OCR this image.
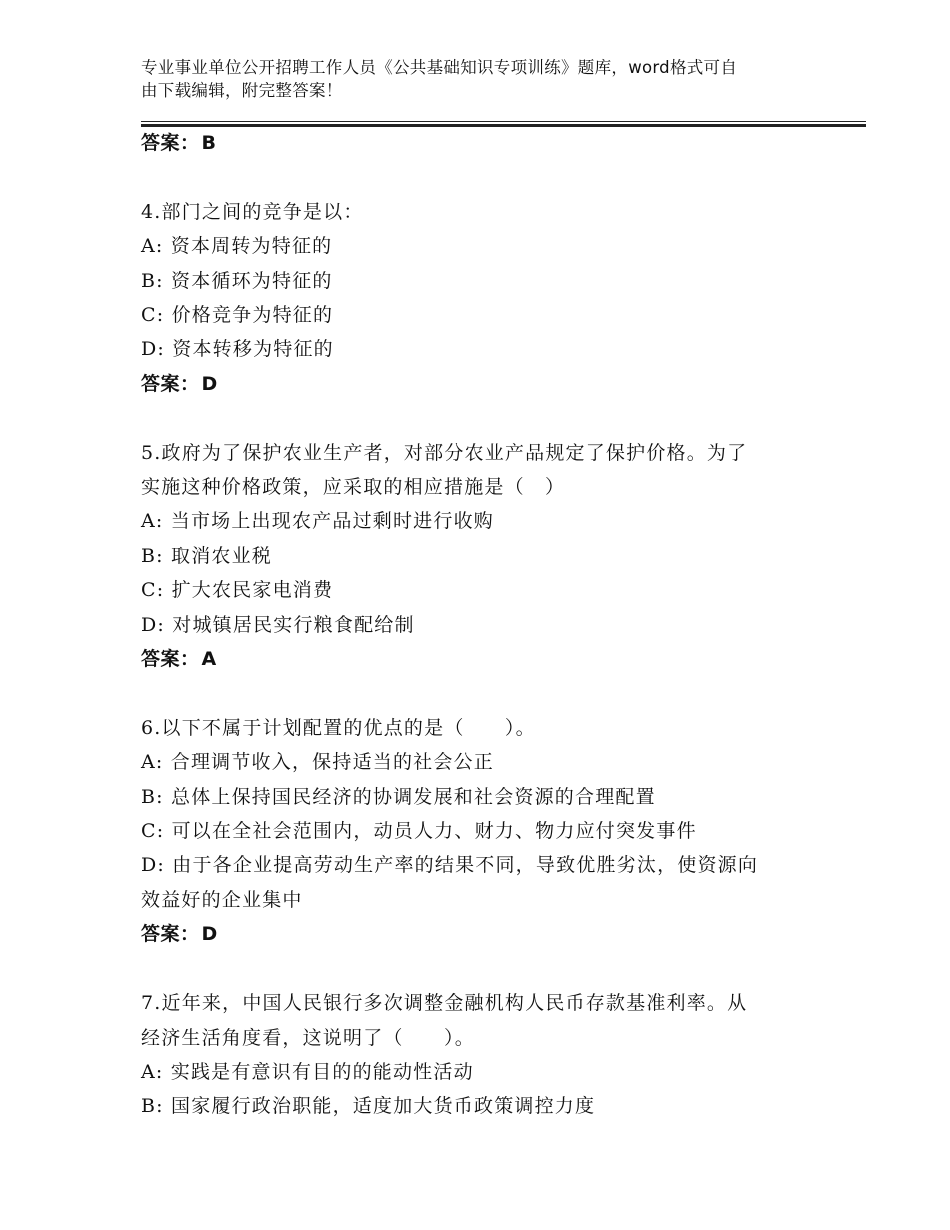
专业事业单位公开招聘工作人员《公共基础知识专项训练》题库，word格式可自
由下载编辑，附完整答案！
答案： B
4.部门之间的竞争是以：
A: 资本周转为特征的
B: 资本循环为特征的
C: 价格竞争为特征的
D: 资本转移为特征的
答案： D
5.政府为了保护农业生产者，对部分农业产品规定了保护价格。为了
实施这种价格政策，应采取的相应措施是（　）
A: 当市场上出现农产品过剩时进行收购
B: 取消农业税
C: 扩大农民家电消费
D: 对城镇居民实行粮食配给制
答案： A
6.以下不属于计划配置的优点的是（　　）。
A: 合理调节收入，保持适当的社会公正
B: 总体上保持国民经济的协调发展和社会资源的合理配置
C: 可以在全社会范围内，动员人力、财力、物力应付突发事件
D: 由于各企业提高劳动生产率的结果不同，导致优胜劣汰，使资源向
效益好的企业集中
答案： D
7.近年来，中国人民银行多次调整金融机构人民币存款基准利率。从
经济生活角度看，这说明了（　　）。
A: 实践是有意识有目的的能动性活动
B: 国家履行政治职能，适度加大货币政策调控力度
